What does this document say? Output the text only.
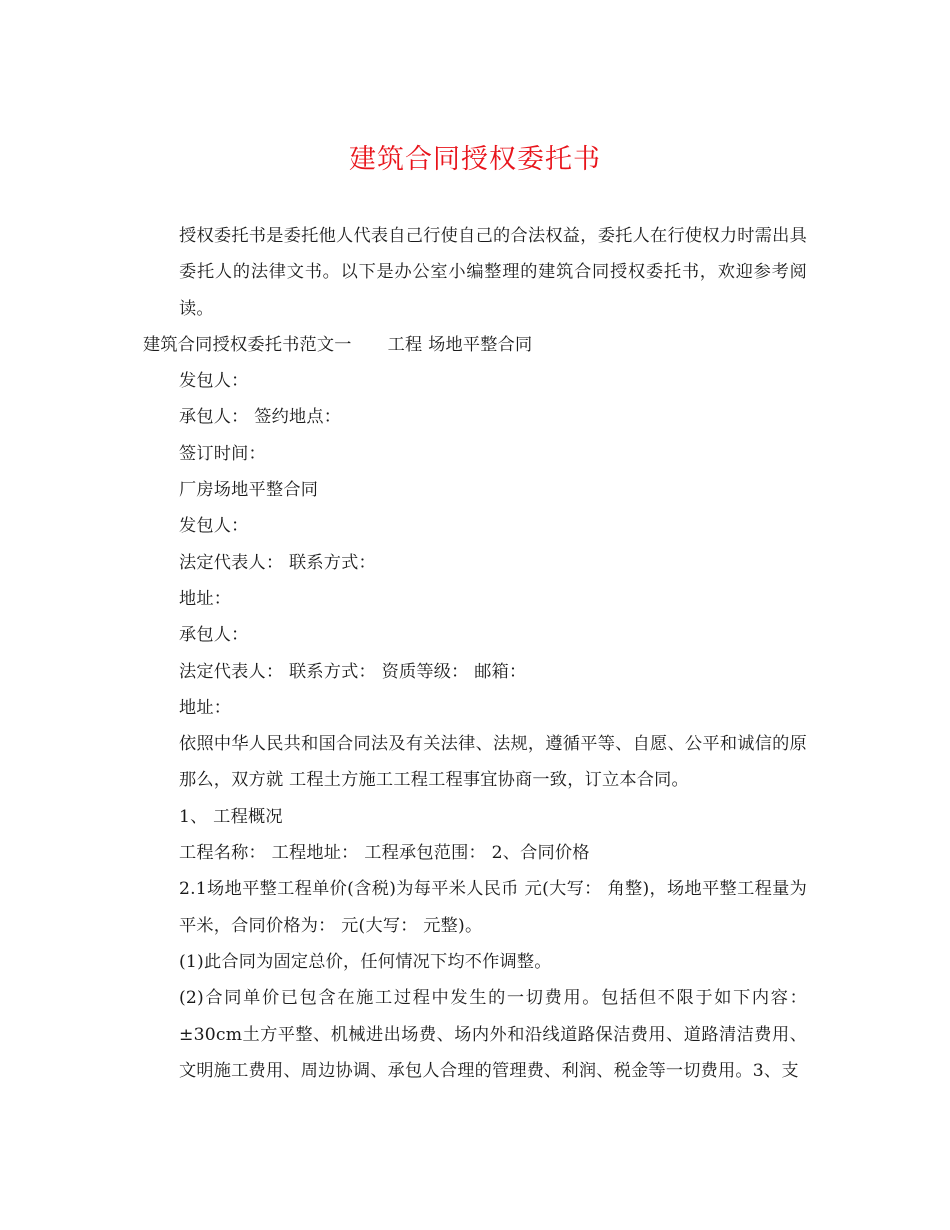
建筑合同授权委托书

授权委托书是委托他人代表自己行使自己的合法权益，委托人在行使权力时需出具委托人的法律文书。以下是办公室小编整理的建筑合同授权委托书，欢迎参考阅读。

建筑合同授权委托书范文一 工程 场地平整合同

发包人：

承包人： 签约地点：

签订时间：

厂房场地平整合同

发包人：

法定代表人： 联系方式：

地址：

承包人：

法定代表人： 联系方式： 资质等级： 邮箱：

地址：

依照中华人民共和国合同法及有关法律、法规，遵循平等、自愿、公平和诚信的原那么，双方就 工程土方施工工程工程事宜协商一致，订立本合同。

1、 工程概况

工程名称： 工程地址： 工程承包范围： 2、合同价格

2.1场地平整工程单价(含税)为每平米人民币 元(大写： 角整)，场地平整工程量为 平米，合同价格为： 元(大写： 元整)。

(1)此合同为固定总价，任何情况下均不作调整。

(2)合同单价已包含在施工过程中发生的一切费用。包括但不限于如下内容：±30cm土方平整、机械进出场费、场内外和沿线道路保洁费用、道路清洁费用、文明施工费用、周边协调、承包人合理的管理费、利润、税金等一切费用。3、支
